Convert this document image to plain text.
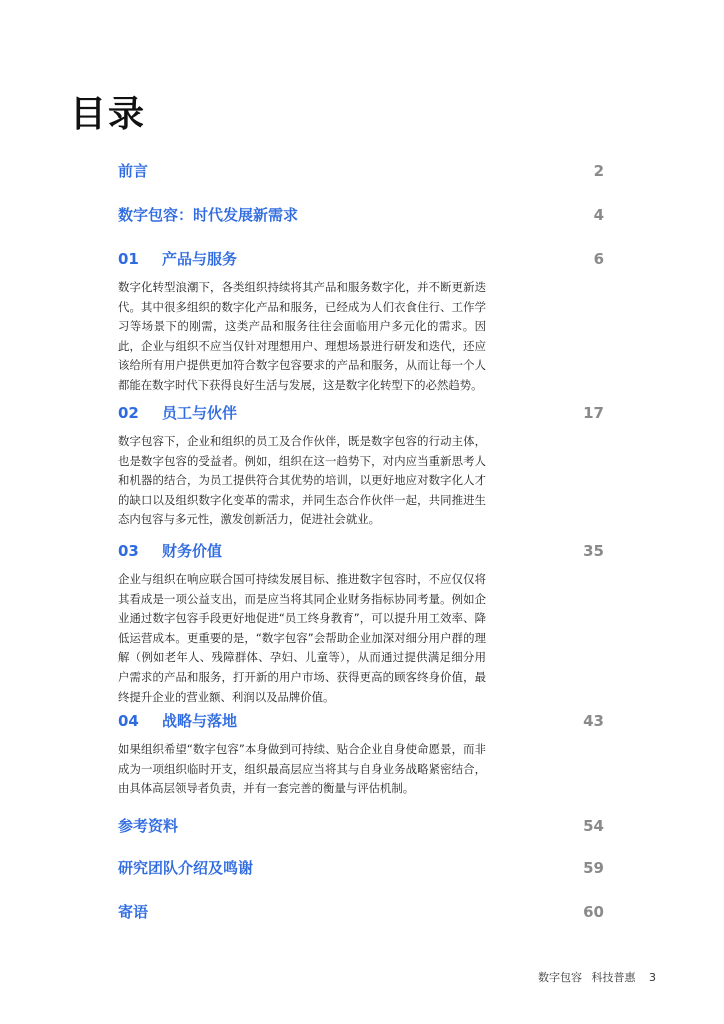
目录
前言	2
数字包容：时代发展新需求	4
01 产品与服务	6
数字化转型浪潮下，各类组织持续将其产品和服务数字化，并不断更新迭代。其中很多组织的数字化产品和服务，已经成为人们衣食住行、工作学习等场景下的刚需，这类产品和服务往往会面临用户多元化的需求。因此，企业与组织不应当仅针对理想用户、理想场景进行研发和迭代，还应该给所有用户提供更加符合数字包容要求的产品和服务，从而让每一个人都能在数字时代下获得良好生活与发展，这是数字化转型下的必然趋势。
02 员工与伙伴	17
数字包容下，企业和组织的员工及合作伙伴，既是数字包容的行动主体，也是数字包容的受益者。例如，组织在这一趋势下，对内应当重新思考人和机器的结合，为员工提供符合其优势的培训，以更好地应对数字化人才的缺口以及组织数字化变革的需求，并同生态合作伙伴一起，共同推进生态内包容与多元性，激发创新活力，促进社会就业。
03 财务价值	35
企业与组织在响应联合国可持续发展目标、推进数字包容时，不应仅仅将其看成是一项公益支出，而是应当将其同企业财务指标协同考量。例如企业通过数字包容手段更好地促进“员工终身教育”，可以提升用工效率、降低运营成本。更重要的是，“数字包容”会帮助企业加深对细分用户群的理解（例如老年人、残障群体、孕妇、儿童等），从而通过提供满足细分用户需求的产品和服务，打开新的用户市场、获得更高的顾客终身价值，最终提升企业的营业额、利润以及品牌价值。
04 战略与落地	43
如果组织希望“数字包容”本身做到可持续、贴合企业自身使命愿景，而非成为一项组织临时开支，组织最高层应当将其与自身业务战略紧密结合，由具体高层领导者负责，并有一套完善的衡量与评估机制。
参考资料	54
研究团队介绍及鸣谢	59
寄语	60
数字包容 科技普惠 3
